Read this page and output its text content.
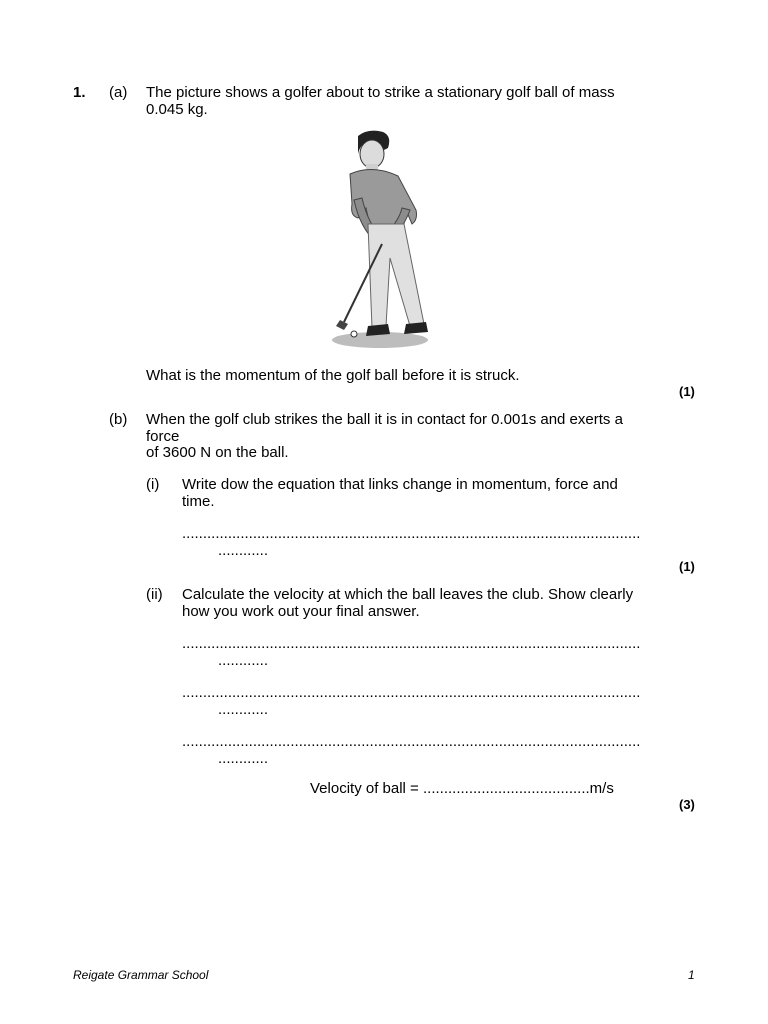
1. (a) The picture shows a golfer about to strike a stationary golf ball of mass
0.045 kg.
What is the momentum of the golf ball before it is struck.
(1)
(b) When the golf club strikes the ball it is in contact for 0.001s and exerts a
force
of 3600 N on the ball.
(i) Write dow the equation that links change in momentum, force and
time.
..............................................................................................................
............
(1)
(ii) Calculate the velocity at which the ball leaves the club. Show clearly
how you work out your final answer.
..............................................................................................................
............
..............................................................................................................
............
..............................................................................................................
............
Velocity of ball = ........................................m/s
(3)
Reigate Grammar School	1
